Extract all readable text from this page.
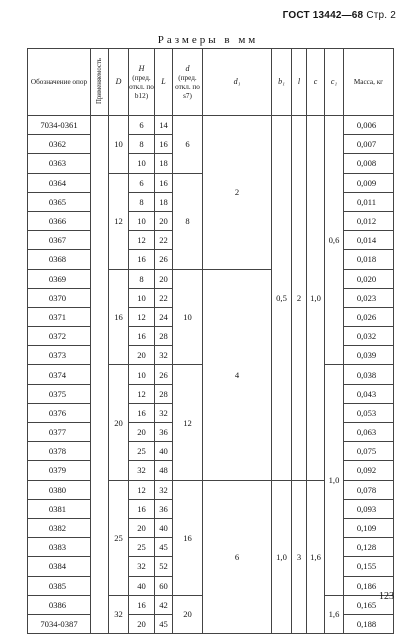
ГОСТ 13442—68 Стр. 2
Размеры в мм
Обозначение опор	Применяемость	D	H
(пред. откл. по b12)	L	d
(пред. откл. по s7)	d₁	b₁	l	c	c₁	Масса, кг
7034-0361		10	6	14	6	2	0,5	2	1,0	0,6	0,006
0362			8	16							0,007
0363			10	18							0,008
0364		12	6	16	8						0,009
0365			8	18							0,011
0366			10	20							0,012
0367			12	22							0,014
0368			16	26							0,018
0369		16	8	20	10	4					0,020
0370			10	22							0,023
0371			12	24							0,026
0372			16	28							0,032
0373			20	32							0,039
0374		20	10	26	12					1,0	0,038
0375			12	28							0,043
0376			16	32							0,053
0377			20	36							0,063
0378			25	40							0,075
0379			32	48							0,092
0380		25	12	32	16	6	1,0	3	1,6		0,078
0381			16	36							0,093
0382			20	40							0,109
0383			25	45							0,128
0384			32	52							0,155
0385			40	60							0,186
0386		32	16	42	20					1,6	0,165
7034-0387			20	45							0,188
123
